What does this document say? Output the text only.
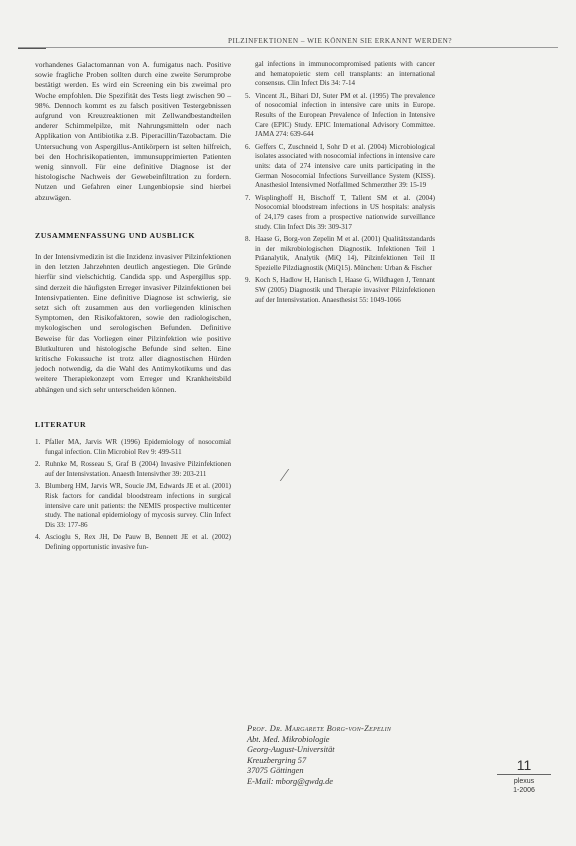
PILZINFEKTIONEN – WIE KÖNNEN SIE ERKANNT WERDEN?

vorhandenes Galactomannan von A. fumigatus nach. Positive sowie fragliche Proben sollten durch eine zweite Serumprobe bestätigt werden. Es wird ein Screening ein bis zweimal pro Woche empfohlen. Die Spezifität des Tests liegt zwischen 90 – 98%. Dennoch kommt es zu falsch positiven Testergebnissen aufgrund von Kreuzreaktionen mit Zellwandbestandteilen anderer Schimmelpilze, mit Nahrungsmitteln oder nach Applikation von Antibiotika z.B. Piperacillin/Tazobactam. Die Untersuchung von Aspergillus-Antikörpern ist selten hilfreich, bei den Hochrisikopatienten, immunsupprimierten Patienten wenig sinnvoll. Für eine definitive Diagnose ist der histologische Nachweis der Gewebeinfiltration zu fordern. Nutzen und Gefahren einer Lungenbiopsie sind hierbei abzuwägen.

ZUSAMMENFASSUNG UND AUSBLICK

In der Intensivmedizin ist die Inzidenz invasiver Pilzinfektionen in den letzten Jahrzehnten deutlich angestiegen. Die Gründe hierfür sind vielschichtig. Candida spp. und Aspergillus spp. sind derzeit die häufigsten Erreger invasiver Pilzinfektionen bei Intensivpatienten. Eine definitive Diagnose ist schwierig, sie setzt sich oft zusammen aus den vorliegenden klinischen Symptomen, den Risikofaktoren, sowie den radiologischen, mykologischen und serologischen Befunden. Definitive Beweise für das Vorliegen einer Pilzinfektion wie positive Blutkulturen und histologische Befunde sind selten. Eine kritische Fokussuche ist trotz aller diagnostischen Hürden jedoch notwendig, da die Wahl des Antimykotikums und das weitere Therapiekonzept vom Erreger und Krankheitsbild abhängen und sich sehr unterscheiden können.

LITERATUR
1. Pfaller MA, Jarvis WR (1996) Epidemiology of nosocomial fungal infection. Clin Microbiol Rev 9: 499-511
2. Ruhnke M, Rosseau S, Graf B (2004) Invasive Pilzinfektionen auf der Intensivstation. Anaesth Intensivther 39: 203-211
3. Blumberg HM, Jarvis WR, Soucie JM, Edwards JE et al. (2001) Risk factors for candidal bloodstream infections in surgical intensive care unit patients: the NEMIS prospective multicenter study. The national epidemiology of mycosis survey. Clin Infect Dis 33: 177-86
4. Ascioglu S, Rex JH, De Pauw B, Bennett JE et al. (2002) Defining opportunistic invasive fun-
gal infections in immunocompromised patients with cancer and hematopoietic stem cell transplants: an international consensus. Clin Infect Dis 34: 7-14
5. Vincent JL, Bihari DJ, Suter PM et al. (1995) The prevalence of nosocomial infection in intensive care units in Europe. Results of the European Prevalence of Infection in Intensive Care (EPIC) Study. EPIC International Advisory Committee. JAMA 274: 639-644
6. Geffers C, Zuschneid I, Sohr D et al. (2004) Microbiological isolates associated with nosocomial infections in intensive care units: data of 274 intensive care units participating in the German Nosocomial Infections Surveillance System (KISS). Anasthesiol Intensivmed Notfallmed Schmerzther 39: 15-19
7. Wisplinghoff H, Bischoff T, Tallent SM et al. (2004) Nosocomial bloodstream infections in US hospitals: analysis of 24,179 cases from a prospective nationwide surveillance study. Clin Infect Dis 39: 309-317
8. Haase G, Borg-von Zepelin M et al. (2001) Qualitätsstandards in der mikrobiologischen Diagnostik. Infektionen Teil 1 Präanalytik, Analytik (MiQ 14), Pilzinfektionen Teil II Spezielle Pilzdiagnostik (MiQ15). München: Urban & Fischer
9. Koch S, Hadlow H, Hanisch I, Haase G, Wildhagen J, Tennant SW (2005) Diagnostik und Therapie invasiver Pilzinfektionen auf der Intensivstation. Anaesthesist 55: 1049-1066
⁄
Prof. Dr. Margarete Borg-von-Zepelin
Abt. Med. Mikrobiologie
Georg-August-Universität
Kreuzbergring 57
37075 Göttingen
E-Mail: mborg@gwdg.de
11
plexus
1-2006
